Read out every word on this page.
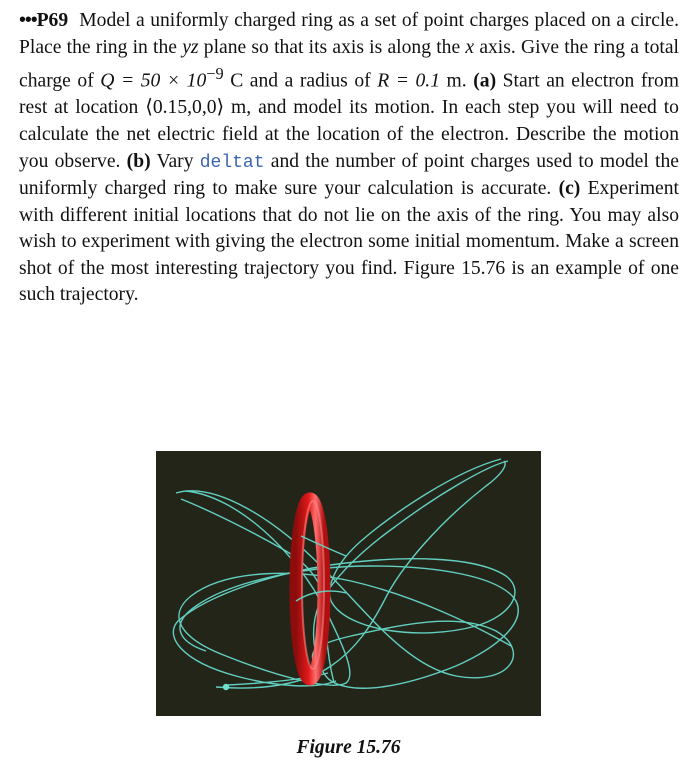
•••P69 Model a uniformly charged ring as a set of point charges placed on a circle. Place the ring in the yz plane so that its axis is along the x axis. Give the ring a total charge of $Q = 50 \times 10^{-9}$ C and a radius of R = 0.1 m. (a) Start an electron from rest at location ⟨0.15,0,0⟩ m, and model its motion. In each step you will need to calculate the net electric field at the location of the electron. Describe the motion you observe. (b) Vary deltat and the number of point charges used to model the uniformly charged ring to make sure your calculation is accurate. (c) Experiment with different initial locations that do not lie on the axis of the ring. You may also wish to experiment with giving the electron some initial momentum. Make a screen shot of the most interesting trajectory you find. Figure 15.76 is an example of one such trajectory.

Figure 15.76
